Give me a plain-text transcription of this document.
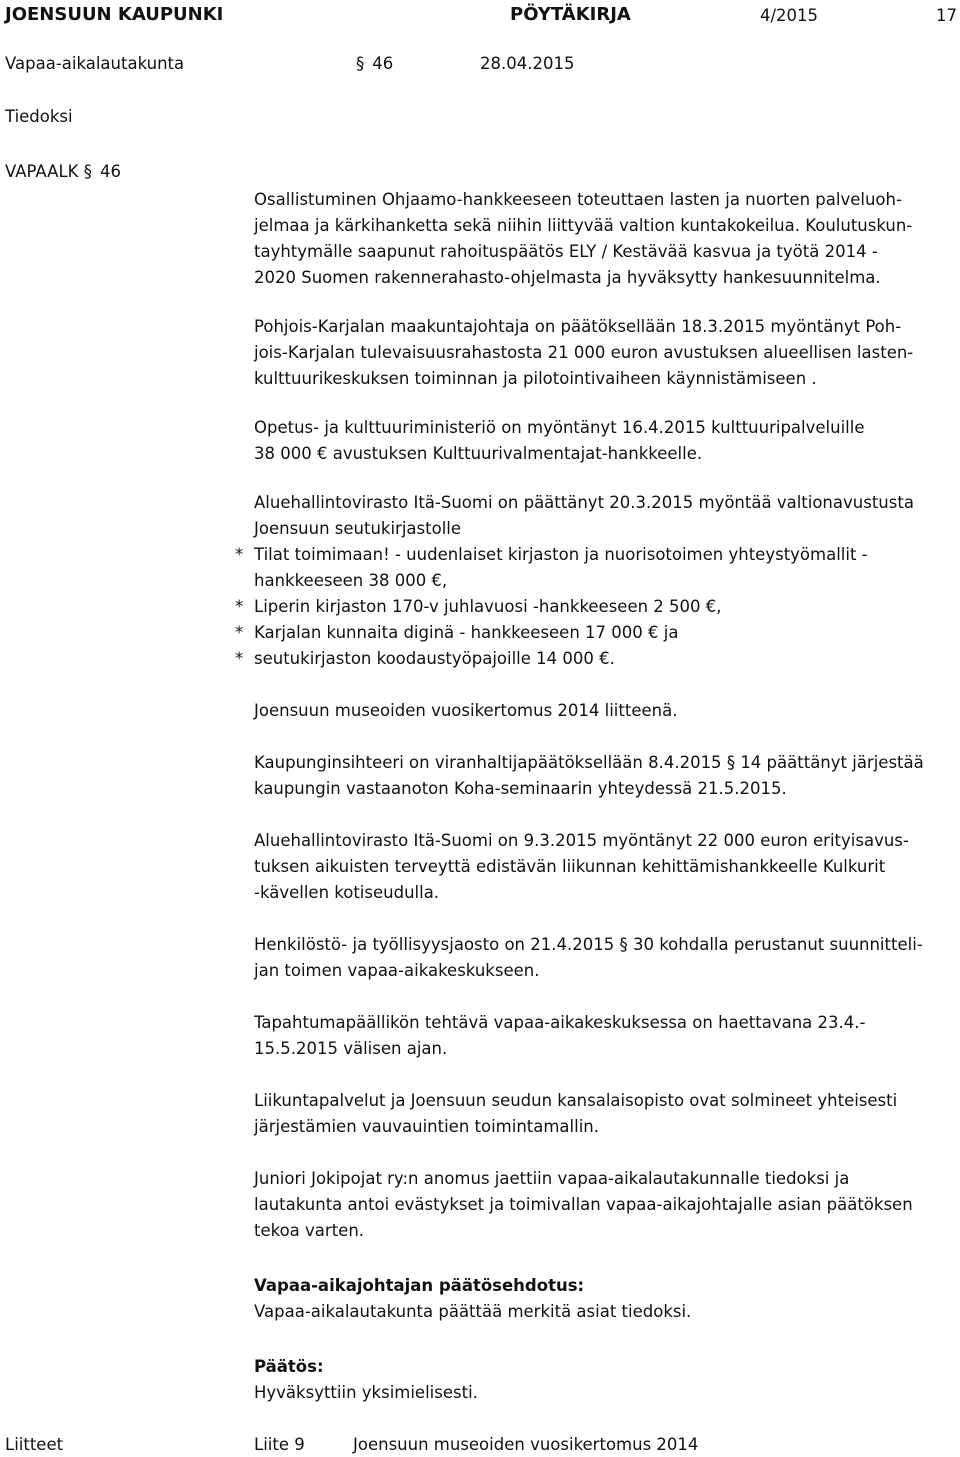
JOENSUUN KAUPUNKI	PÖYTÄKIRJA	4/2015	17
Vapaa-aikalautakunta	§ 46	28.04.2015
Tiedoksi
VAPAALK § 46

Osallistuminen Ohjaamo-hankkeeseen toteuttaen lasten ja nuorten palveluoh-

jelmaa ja kärkihanketta sekä niihin liittyvää valtion kuntakokeilua. Koulutuskun-

tayhtymälle saapunut rahoituspäätös ELY / Kestävää kasvua ja työtä 2014 -

2020 Suomen rakennerahasto-ohjelmasta ja hyväksytty hankesuunnitelma.

Pohjois-Karjalan maakuntajohtaja on päätöksellään 18.3.2015 myöntänyt Poh-

jois-Karjalan tulevaisuusrahastosta 21 000 euron avustuksen alueellisen lasten-

kulttuurikeskuksen toiminnan ja pilotointivaiheen käynnistämiseen .

Opetus- ja kulttuuriministeriö on myöntänyt 16.4.2015 kulttuuripalveluille

38 000 € avustuksen Kulttuurivalmentajat-hankkeelle.

Aluehallintovirasto Itä-Suomi on päättänyt 20.3.2015 myöntää valtionavustusta

Joensuun seutukirjastolle

* Tilat toimimaan! - uudenlaiset kirjaston ja nuorisotoimen yhteystyömallit -

hankkeeseen 38 000 €,

* Liperin kirjaston 170-v juhlavuosi -hankkeeseen 2 500 €,

* Karjalan kunnaita diginä - hankkeeseen 17 000 € ja

* seutukirjaston koodaustyöpajoille 14 000 €.

Joensuun museoiden vuosikertomus 2014 liitteenä.

Kaupunginsihteeri on viranhaltijapäätöksellään 8.4.2015 § 14 päättänyt järjestää

kaupungin vastaanoton Koha-seminaarin yhteydessä 21.5.2015.

Aluehallintovirasto Itä-Suomi on 9.3.2015 myöntänyt 22 000 euron erityisavus-

tuksen aikuisten terveyttä edistävän liikunnan kehittämishankkeelle Kulkurit

-kävellen kotiseudulla.

Henkilöstö- ja työllisyysjaosto on 21.4.2015 § 30 kohdalla perustanut suunnitteli-

jan toimen vapaa-aikakeskukseen.

Tapahtumapäällikön tehtävä vapaa-aikakeskuksessa on haettavana 23.4.-

15.5.2015 välisen ajan.

Liikuntapalvelut ja Joensuun seudun kansalaisopisto ovat solmineet yhteisesti

järjestämien vauvauintien toimintamallin.

Juniori Jokipojat ry:n anomus jaettiin vapaa-aikalautakunnalle tiedoksi ja

lautakunta antoi evästykset ja toimivallan vapaa-aikajohtajalle asian päätöksen

tekoa varten.

Vapaa-aikajohtajan päätösehdotus:

Vapaa-aikalautakunta päättää merkitä asiat tiedoksi.

Päätös:

Hyväksyttiin yksimielisesti.

Liitteet	Liite 9	Joensuun museoiden vuosikertomus 2014
